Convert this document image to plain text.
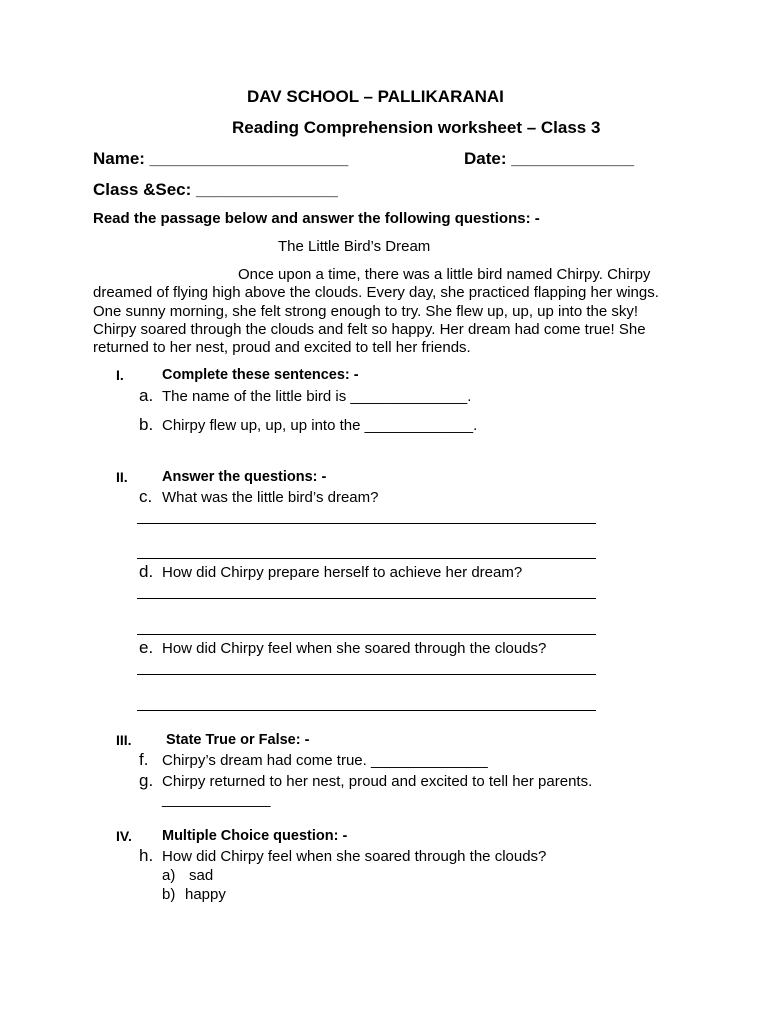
DAV SCHOOL – PALLIKARANAI
Reading Comprehension worksheet – Class 3
Name: _____________________	Date: _____________
Class &Sec: _______________
Read the passage below and answer the following questions: -
The Little Bird’s Dream
Once upon a time, there was a little bird named Chirpy. Chirpy dreamed of flying high above the clouds. Every day, she practiced flapping her wings. One sunny morning, she felt strong enough to try. She flew up, up, up into the sky! Chirpy soared through the clouds and felt so happy. Her dream had come true! She returned to her nest, proud and excited to tell her friends.
I.	Complete these sentences: -
a. The name of the little bird is ______________.
b. Chirpy flew up, up, up into the _____________.
II. Answer the questions: -
c. What was the little bird’s dream?
d. How did Chirpy prepare herself to achieve her dream?
e. How did Chirpy feel when she soared through the clouds?
III. State True or False: -
f. Chirpy’s dream had come true. ______________
g. Chirpy returned to her nest, proud and excited to tell her parents.
_____________
IV. Multiple Choice question: -
h. How did Chirpy feel when she soared through the clouds?
a) sad
b) happy
